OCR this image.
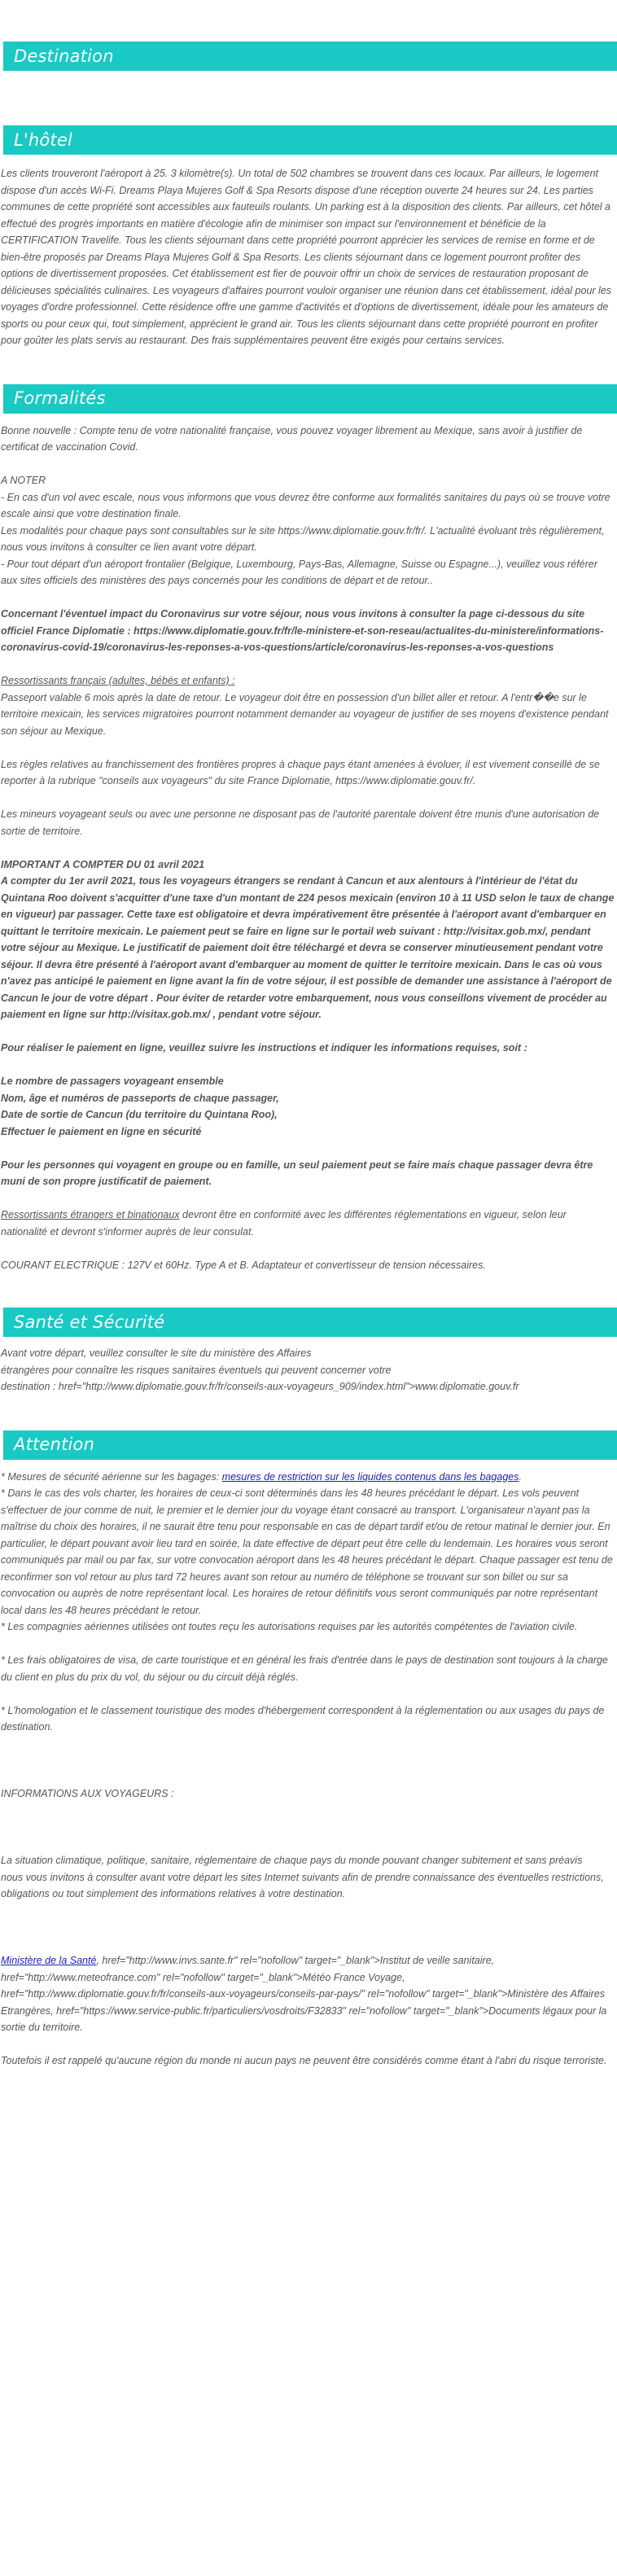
Destination
L'hôtel

Les clients trouveront l'aéroport à 25. 3 kilomètre(s). Un total de 502 chambres se trouvent dans ces locaux. Par ailleurs, le logement dispose d'un accès Wi-Fi. Dreams Playa Mujeres Golf & Spa Resorts dispose d'une réception ouverte 24 heures sur 24. Les parties communes de cette propriété sont accessibles aux fauteuils roulants. Un parking est à la disposition des clients. Par ailleurs, cet hôtel a effectué des progrès importants en matière d'écologie afin de minimiser son impact sur l'environnement et bénéficie de la CERTIFICATION Travelife. Tous les clients séjournant dans cette propriété pourront apprécier les services de remise en forme et de bien-être proposés par Dreams Playa Mujeres Golf & Spa Resorts. Les clients séjournant dans ce logement pourront profiter des options de divertissement proposées. Cet établissement est fier de pouvoir offrir un choix de services de restauration proposant de délicieuses spécialités culinaires. Les voyageurs d'affaires pourront vouloir organiser une réunion dans cet établissement, idéal pour les voyages d'ordre professionnel. Cette résidence offre une gamme d'activités et d'options de divertissement, idéale pour les amateurs de sports ou pour ceux qui, tout simplement, apprécient le grand air. Tous les clients séjournant dans cette propriété pourront en profiter pour goûter les plats servis au restaurant. Des frais supplémentaires peuvent être exigés pour certains services.

Formalités

Bonne nouvelle : Compte tenu de votre nationalité française, vous pouvez voyager librement au Mexique, sans avoir à justifier de certificat de vaccination Covid.

A NOTER

- En cas d'un vol avec escale, nous vous informons que vous devrez être conforme aux formalités sanitaires du pays où se trouve votre escale ainsi que votre destination finale.

Les modalités pour chaque pays sont consultables sur le site https://www.diplomatie.gouv.fr/fr/. L'actualité évoluant très régulièrement, nous vous invitons à consulter ce lien avant votre départ.

- Pour tout départ d'un aéroport frontalier (Belgique, Luxembourg, Pays-Bas, Allemagne, Suisse ou Espagne...), veuillez vous référer aux sites officiels des ministères des pays concernés pour les conditions de départ et de retour..

Concernant l'éventuel impact du Coronavirus sur votre séjour, nous vous invitons à consulter la page ci-dessous du site officiel France Diplomatie : https://www.diplomatie.gouv.fr/fr/le-ministere-et-son-reseau/actualites-du-ministere/informations-coronavirus-covid-19/coronavirus-les-reponses-a-vos-questions/article/coronavirus-les-reponses-a-vos-questions

Ressortissants français (adultes, bébés et enfants) :

Passeport valable 6 mois après la date de retour. Le voyageur doit être en possession d'un billet aller et retour. A l'entr��e sur le territoire mexicain, les services migratoires pourront notamment demander au voyageur de justifier de ses moyens d'existence pendant son séjour au Mexique.

Les règles relatives au franchissement des frontières propres à chaque pays étant amenées à évoluer, il est vivement conseillé de se reporter à la rubrique "conseils aux voyageurs" du site France Diplomatie, https://www.diplomatie.gouv.fr/.

Les mineurs voyageant seuls ou avec une personne ne disposant pas de l'autorité parentale doivent être munis d'une autorisation de sortie de territoire.

IMPORTANT A COMPTER DU 01 avril 2021

A compter du 1er avril 2021, tous les voyageurs étrangers se rendant à Cancun et aux alentours à l'intérieur de l'état du Quintana Roo doivent s'acquitter d'une taxe d'un montant de 224 pesos mexicain (environ 10 à 11 USD selon le taux de change en vigueur) par passager. Cette taxe est obligatoire et devra impérativement être présentée à l'aéroport avant d'embarquer en quittant le territoire mexicain. Le paiement peut se faire en ligne sur le portail web suivant : http://visitax.gob.mx/, pendant votre séjour au Mexique. Le justificatif de paiement doit être téléchargé et devra se conserver minutieusement pendant votre séjour. Il devra être présenté à l'aéroport avant d'embarquer au moment de quitter le territoire mexicain. Dans le cas où vous n'avez pas anticipé le paiement en ligne avant la fin de votre séjour, il est possible de demander une assistance à l'aéroport de Cancun le jour de votre départ . Pour éviter de retarder votre embarquement, nous vous conseillons vivement de procéder au paiement en ligne sur http://visitax.gob.mx/ , pendant votre séjour.

Pour réaliser le paiement en ligne, veuillez suivre les instructions et indiquer les informations requises, soit :

Le nombre de passagers voyageant ensemble

Nom, âge et numéros de passeports de chaque passager,

Date de sortie de Cancun (du territoire du Quintana Roo),

Effectuer le paiement en ligne en sécurité

Pour les personnes qui voyagent en groupe ou en famille, un seul paiement peut se faire mais chaque passager devra être muni de son propre justificatif de paiement.

Ressortissants étrangers et binationaux devront être en conformité avec les différentes réglementations en vigueur, selon leur nationalité et devront s'informer auprès de leur consulat.

COURANT ELECTRIQUE : 127V et 60Hz. Type A et B. Adaptateur et convertisseur de tension nécessaires.

Santé et Sécurité

Avant votre départ, veuillez consulter le site du ministère des Affaires

étrangères pour connaître les risques sanitaires éventuels qui peuvent concerner votre

destination : href="http://www.diplomatie.gouv.fr/fr/conseils-aux-voyageurs_909/index.html">www.diplomatie.gouv.fr

Attention

* Mesures de sécurité aérienne sur les bagages: mesures de restriction sur les liquides contenus dans les bagages.

* Dans le cas des vols charter, les horaires de ceux-ci sont déterminés dans les 48 heures précédant le départ. Les vols peuvent s'effectuer de jour comme de nuit, le premier et le dernier jour du voyage étant consacré au transport. L'organisateur n'ayant pas la maîtrise du choix des horaires, il ne saurait être tenu pour responsable en cas de départ tardif et/ou de retour matinal le dernier jour. En particulier, le départ pouvant avoir lieu tard en soirée, la date effective de départ peut être celle du lendemain. Les horaires vous seront communiqués par mail ou par fax, sur votre convocation aéroport dans les 48 heures précédant le départ. Chaque passager est tenu de reconfirmer son vol retour au plus tard 72 heures avant son retour au numéro de téléphone se trouvant sur son billet ou sur sa convocation ou auprès de notre représentant local. Les horaires de retour définitifs vous seront communiqués par notre représentant local dans les 48 heures précédant le retour.

* Les compagnies aériennes utilisées ont toutes reçu les autorisations requises par les autorités compétentes de l'aviation civile.

* Les frais obligatoires de visa, de carte touristique et en général les frais d'entrée dans le pays de destination sont toujours à la charge du client en plus du prix du vol, du séjour ou du circuit déjà réglés.

* L'homologation et le classement touristique des modes d'hébergement correspondent à la réglementation ou aux usages du pays de destination.

INFORMATIONS AUX VOYAGEURS :

La situation climatique, politique, sanitaire, réglementaire de chaque pays du monde pouvant changer subitement et sans préavis

nous vous invitons à consulter avant votre départ les sites Internet suivants afin de prendre connaissance des éventuelles restrictions, obligations ou tout simplement des informations relatives à votre destination.

Ministère de la Santé, href="http://www.invs.sante.fr" rel="nofollow" target="_blank">Institut de veille sanitaire, href="http://www.meteofrance.com" rel="nofollow" target="_blank">Météo France Voyage, href="http://www.diplomatie.gouv.fr/fr/conseils-aux-voyageurs/conseils-par-pays/" rel="nofollow" target="_blank">Ministère des Affaires Etrangères, href="https://www.service-public.fr/particuliers/vosdroits/F32833" rel="nofollow" target="_blank">Documents légaux pour la sortie du territoire.

Toutefois il est rappelé qu'aucune région du monde ni aucun pays ne peuvent être considérés comme étant à l'abri du risque terroriste.
